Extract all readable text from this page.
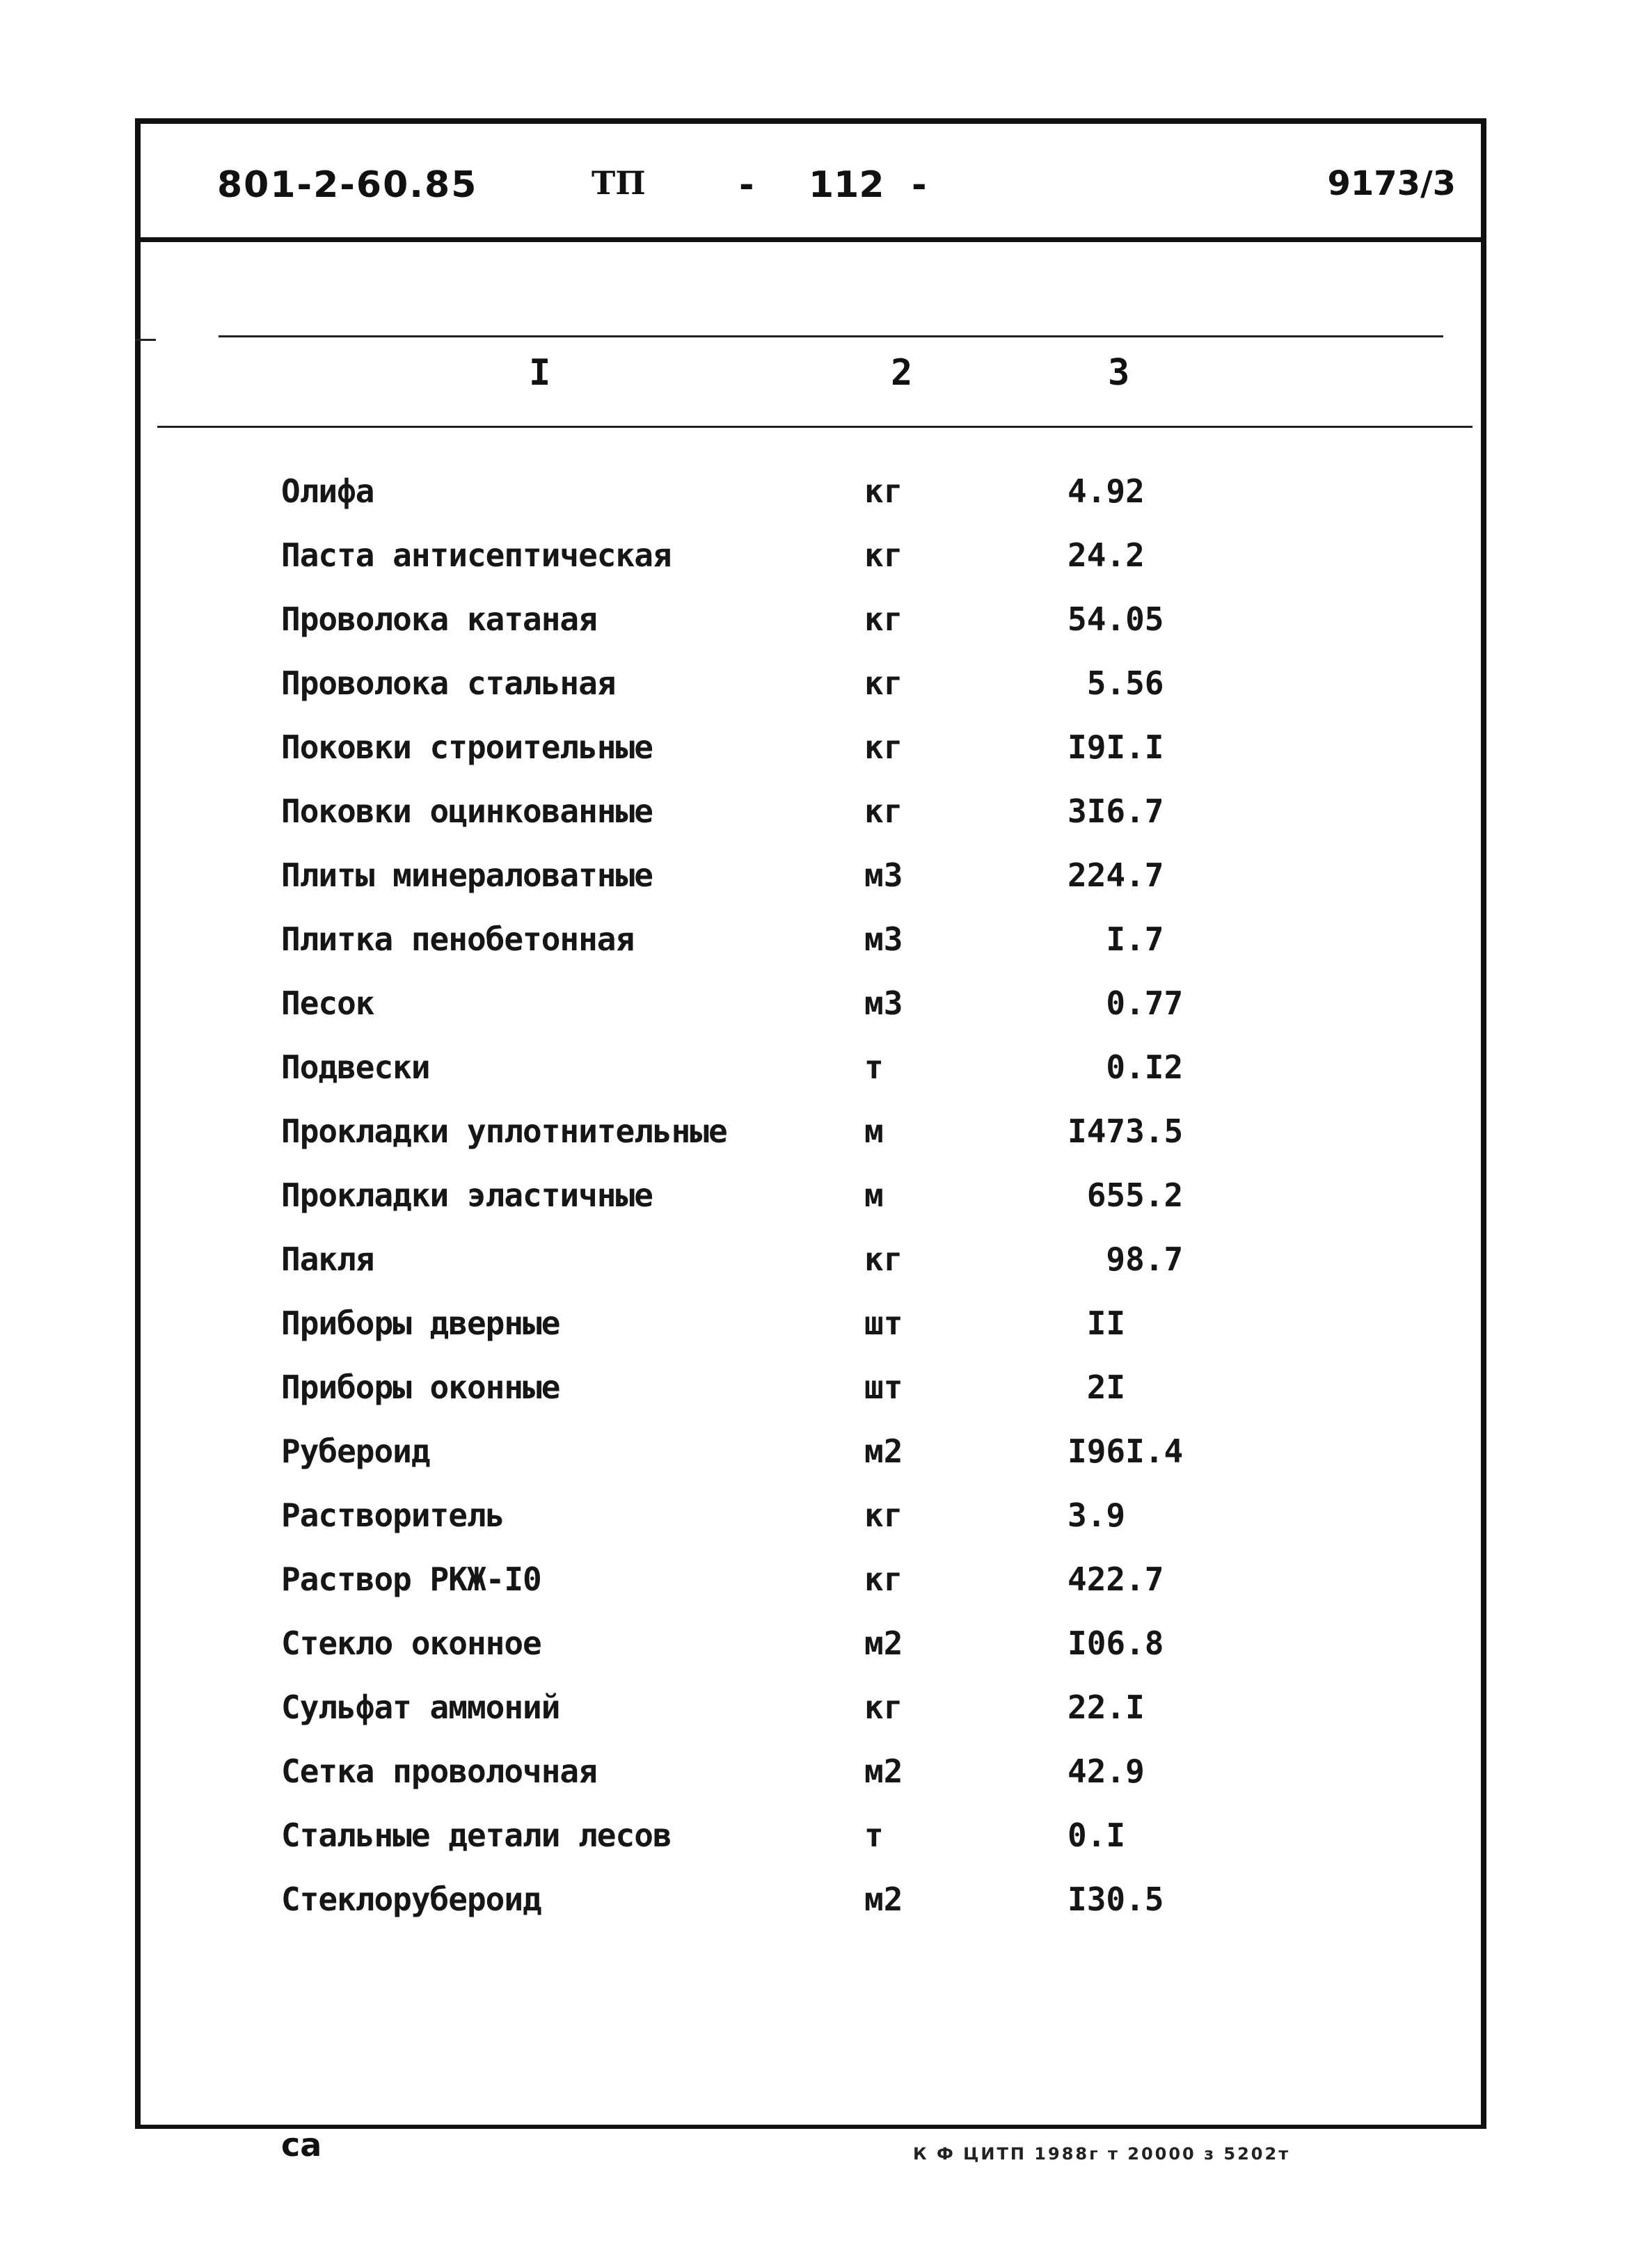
801-2-60.85	ТП	- 112 -	9173/3
I	2	3
Олифа	кг	4.92
Паста антисептическая	кг	24.2
Проволока катаная	кг	54.05
Проволока стальная	кг	5.56
Поковки строительные	кг	I9I.I
Поковки оцинкованные	кг	3I6.7
Плиты минераловатные	м3	224.7
Плитка пенобетонная	м3	I.7
Песок	м3	0.77
Подвески	т	0.I2
Прокладки уплотнительные	м	I473.5
Прокладки эластичные	м	655.2
Пакля	кг	98.7
Приборы дверные	шт	II
Приборы оконные	шт	2I
Рубероид	м2	I96I.4
Растворитель	кг	3.9
Раствор РКЖ-I0	кг	422.7
Стекло оконное	м2	I06.8
Сульфат аммоний	кг	22.I
Сетка проволочная	м2	42.9
Стальные детали лесов	т	0.I
Стеклорубероид	м2	I30.5
са	К Ф ЦИТП 1988г т 20000 з 5202т
